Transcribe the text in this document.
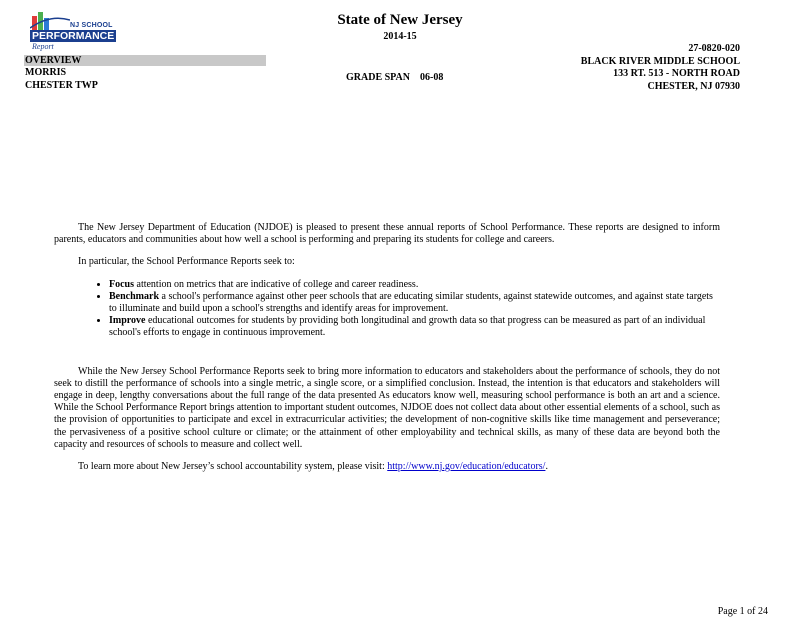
NJ SCHOOL
PERFORMANCE
Report
State of New Jersey
2014-15
OVERVIEW
MORRIS
CHESTER TWP
GRADE SPAN 06-08
27-0820-020
BLACK RIVER MIDDLE SCHOOL
133 RT. 513 - NORTH ROAD
CHESTER, NJ 07930

The New Jersey Department of Education (NJDOE) is pleased to present these annual reports of School Performance. These reports are designed to inform parents, educators and communities about how well a school is performing and preparing its students for college and careers.

In particular, the School Performance Reports seek to:

• Focus attention on metrics that are indicative of college and career readiness.
• Benchmark a school's performance against other peer schools that are educating similar students, against statewide outcomes, and against state targets to illuminate and build upon a school's strengths and identify areas for improvement.
• Improve educational outcomes for students by providing both longitudinal and growth data so that progress can be measured as part of an individual school's efforts to engage in continuous improvement.

While the New Jersey School Performance Reports seek to bring more information to educators and stakeholders about the performance of schools, they do not seek to distill the performance of schools into a single metric, a single score, or a simplified conclusion. Instead, the intention is that educators and stakeholders will engage in deep, lengthy conversations about the full range of the data presented As educators know well, measuring school performance is both an art and a science. While the School Performance Report brings attention to important student outcomes, NJDOE does not collect data about other essential elements of a school, such as the provision of opportunities to participate and excel in extracurricular activities; the development of non-cognitive skills like time management and perseverance; the pervasiveness of a positive school culture or climate; or the attainment of other employability and technical skills, as many of these data are beyond both the capacity and resources of schools to measure and collect well.

To learn more about New Jersey’s school accountability system, please visit: http://www.nj.gov/education/educators/.

Page 1 of 24
